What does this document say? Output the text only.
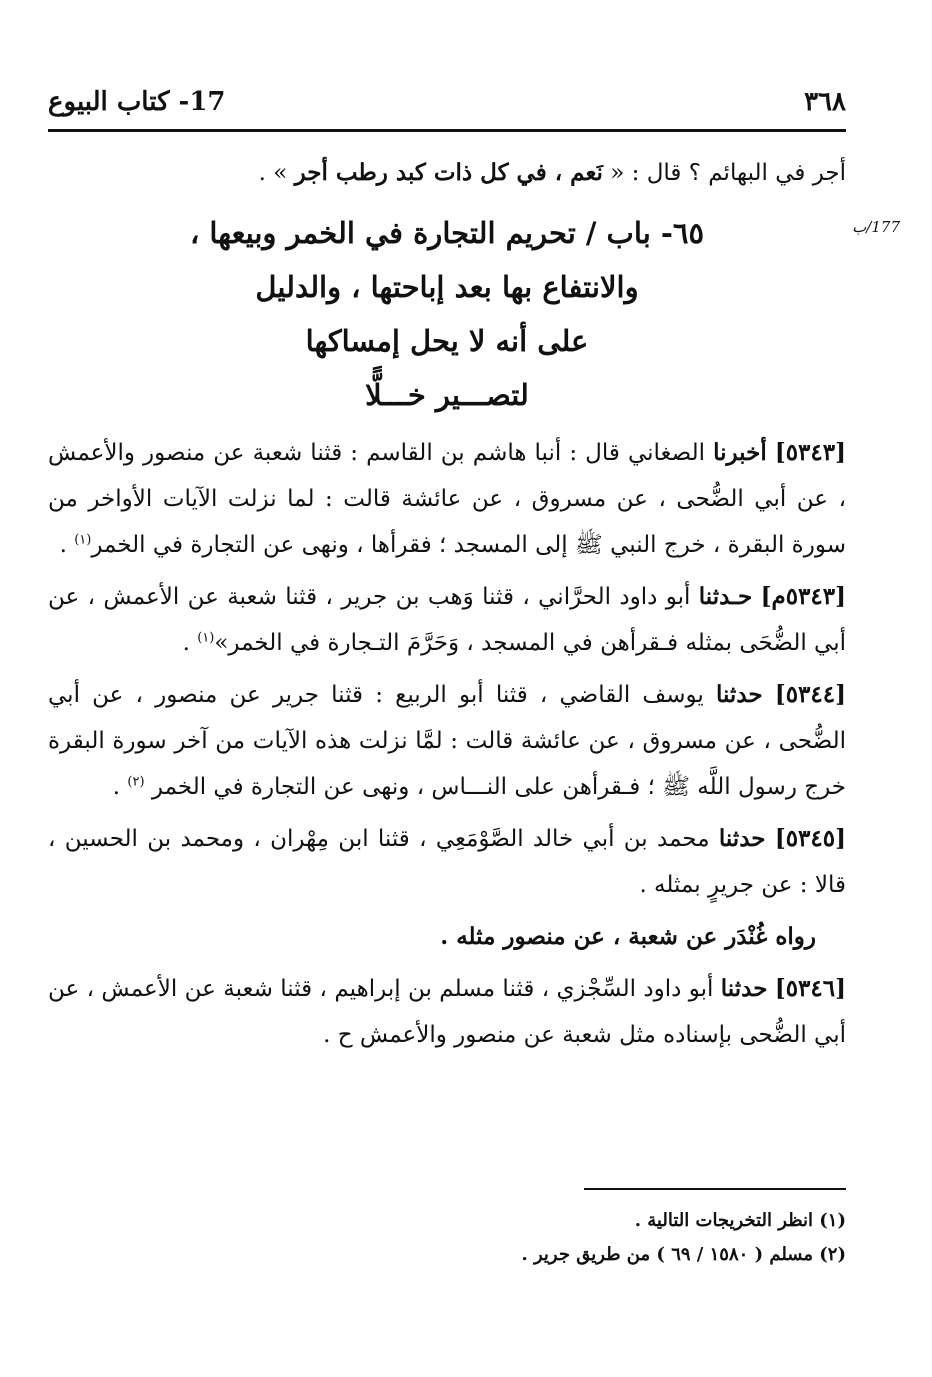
٣٦٨
17- كتاب البيوع
177/ب

أجر في البهائم ؟ قال : « نَعم ، في كل ذات كبد رطب أجر » .

٦٥- باب / تحريم التجارة في الخمر وبيعها ،
والانتفاع بها بعد إباحتها ، والدليل
على أنه لا يحل إمساكها
لتصـــير خـــلًّا

[٥٣٤٣] أخبرنا الصغاني قال : أنبا هاشم بن القاسم : قثنا شعبة عن منصور والأعمش ، عن أبي الضُّحى ، عن مسروق ، عن عائشة قالت : لما نزلت الآيات الأواخر من سورة البقرة ، خرج النبي ﷺ إلى المسجد ؛ فقرأها ، ونهى عن التجارة في الخمر$^{(١)}$ .

[٥٣٤٣م] حـدثنا أبو داود الحرَّاني ، قثنا وَهب بن جرير ، قثنا شعبة عن الأعمش ، عن أبي الضُّحَى بمثله فـقرأهن في المسجد ، وَحَرَّمَ التـجارة في الخمر»$^{(١)}$ .

[٥٣٤٤] حدثنا يوسف القاضي ، قثنا أبو الربيع : قثنا جرير عن منصور ، عن أبي الضُّحى ، عن مسروق ، عن عائشة قالت : لمَّا نزلت هذه الآيات من آخر سورة البقرة خرج رسول اللَّه ﷺ ؛ فـقرأهن على النـــاس ، ونهى عن التجارة في الخمر $^{(٢)}$ .

[٥٣٤٥] حدثنا محمد بن أبي خالد الصَّوْمَعِي ، قثنا ابن مِهْران ، ومحمد بن الحسين ، قالا : عن جريرٍ بمثله .

رواه غُنْدَر عن شعبة ، عن منصور مثله .

[٥٣٤٦] حدثنا أبو داود السِّجْزي ، قثنا مسلم بن إبراهيم ، قثنا شعبة عن الأعمش ، عن أبي الضُّحى بإسناده مثل شعبة عن منصور والأعمش ح .

(١) انظر التخريجات التالية .

(٢) مسلم ( ١٥٨٠ / ٦٩ ) من طريق جرير .
